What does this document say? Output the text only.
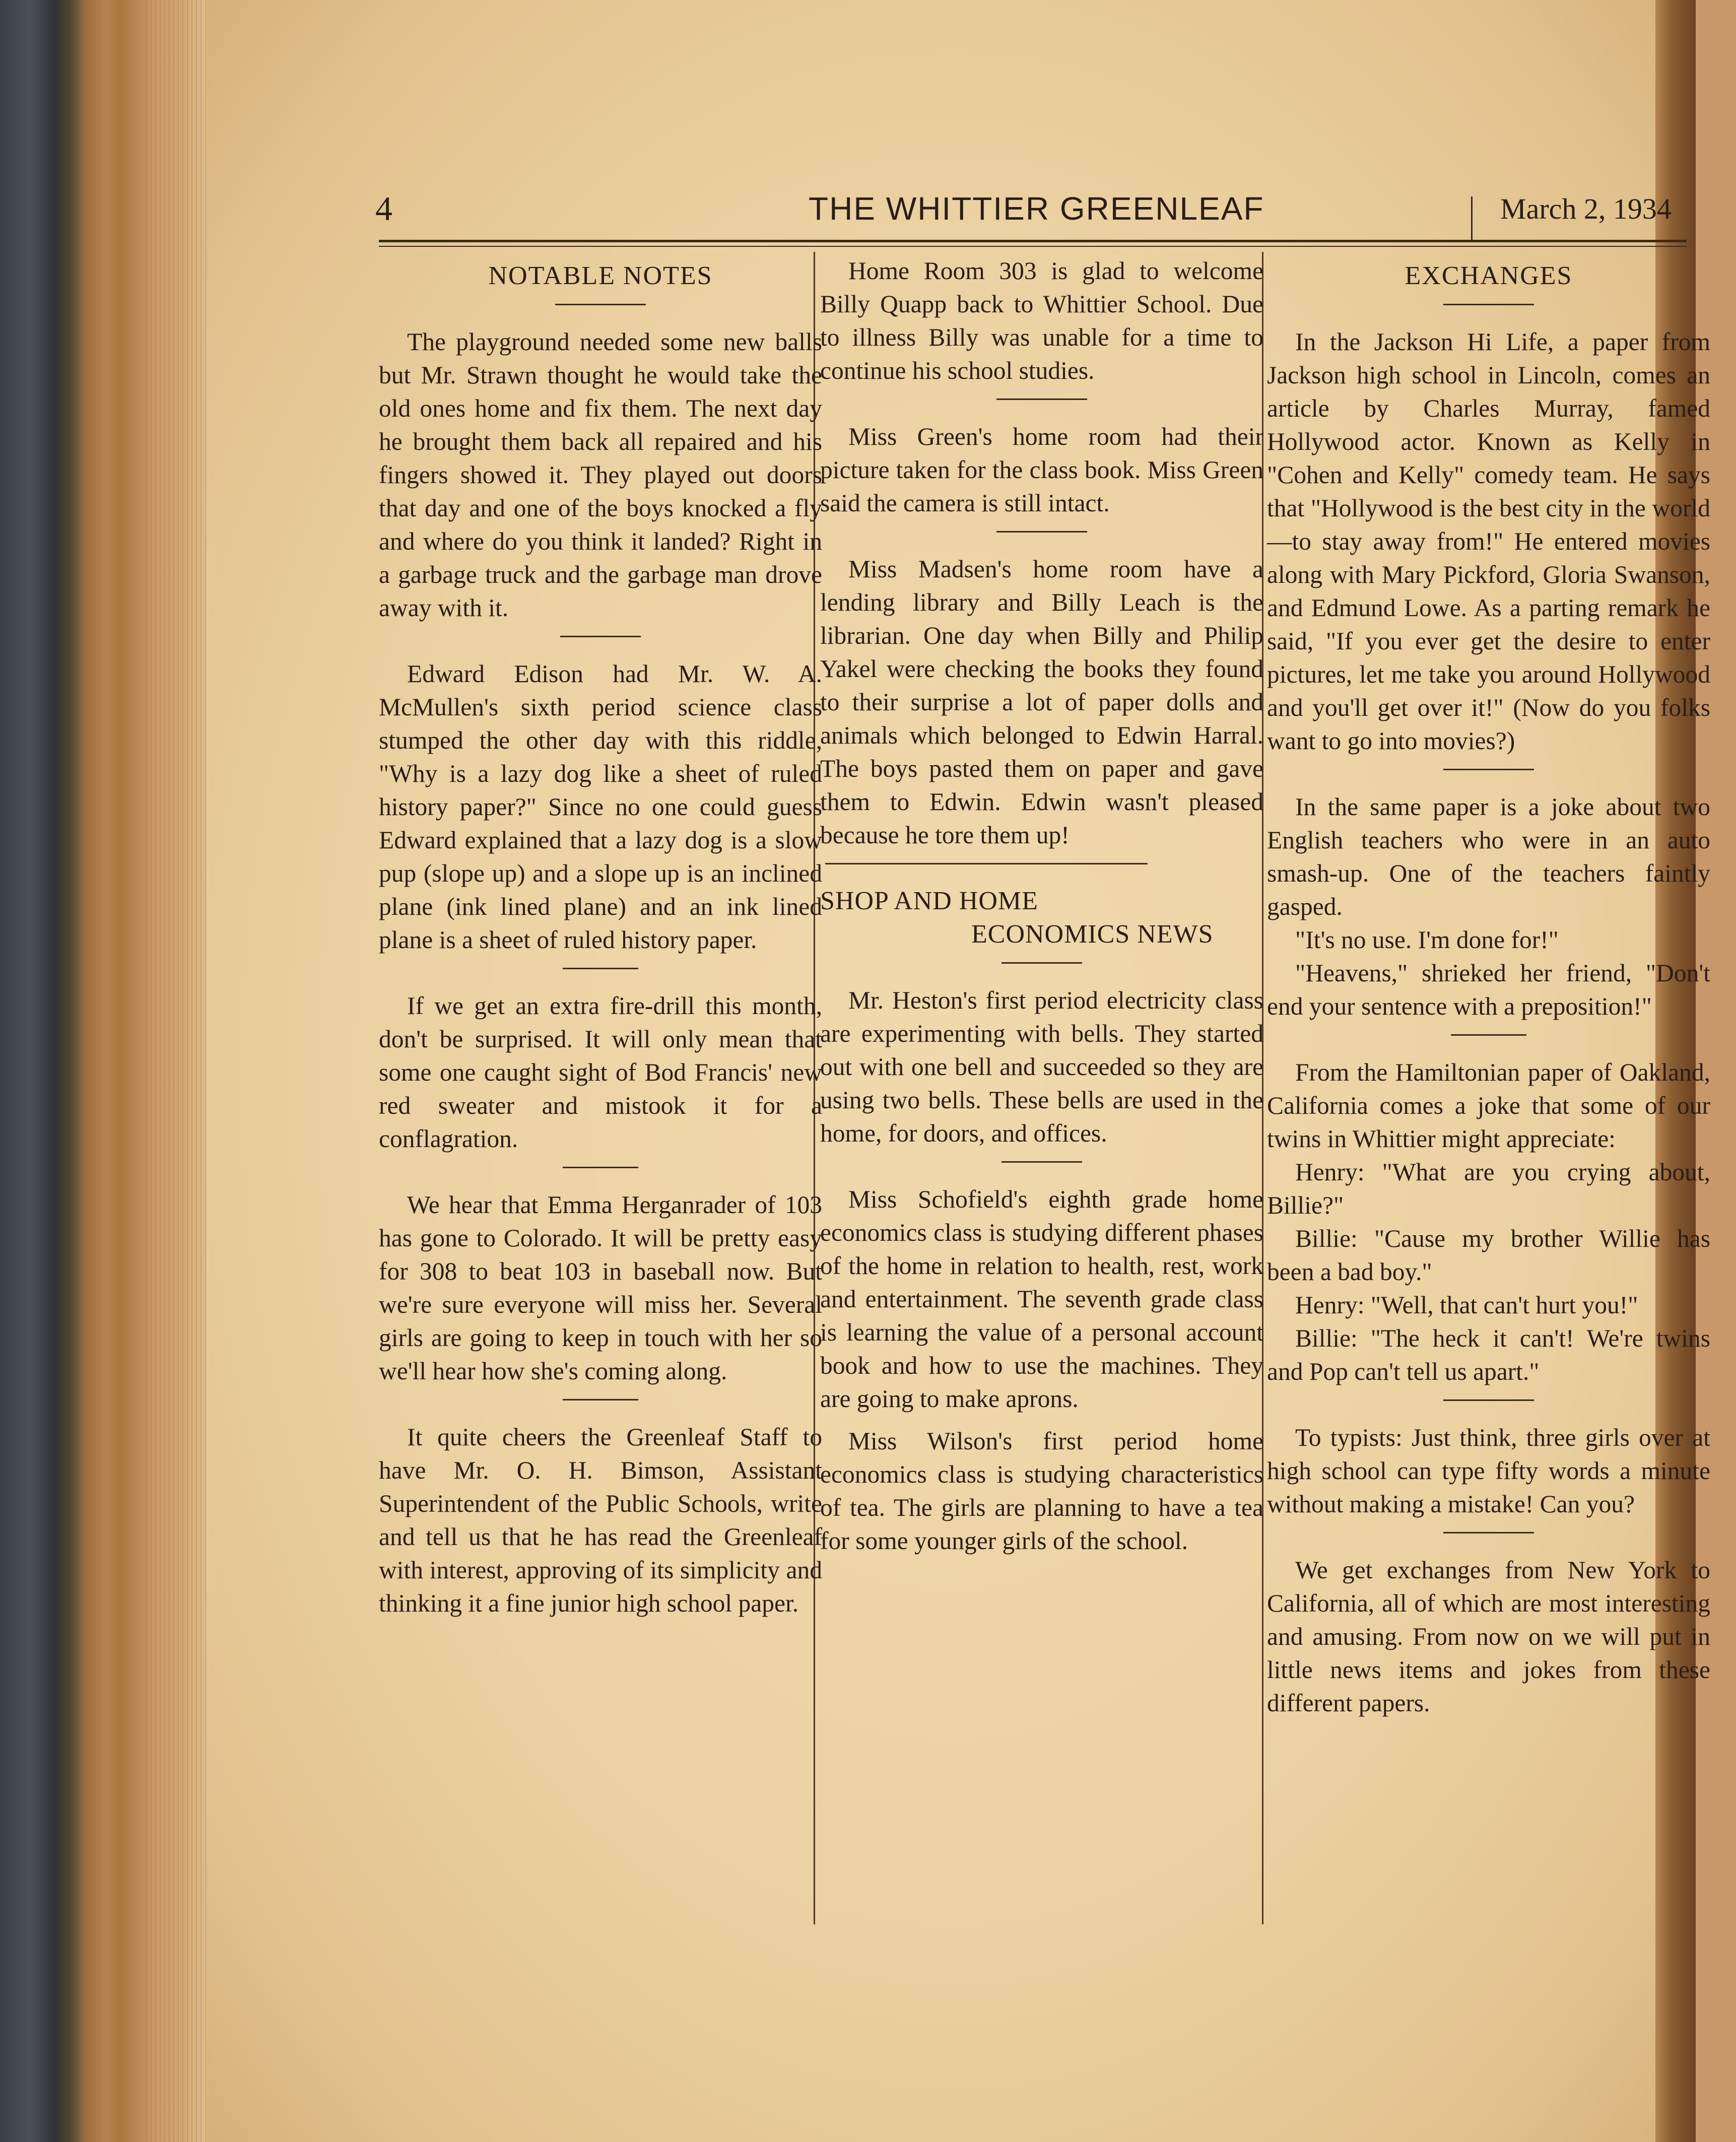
4	THE WHITTIER GREENLEAF	March 2, 1934
NOTABLE NOTES

The playground needed some new balls but Mr. Strawn thought he would take the old ones home and fix them. The next day he brought them back all repaired and his fingers showed it. They played out doors that day and one of the boys knocked a fly and where do you think it landed? Right in a garbage truck and the garbage man drove away with it.

Edward Edison had Mr. W. A. McMullen's sixth period science class stumped the other day with this riddle, "Why is a lazy dog like a sheet of ruled history paper?" Since no one could guess Edward explained that a lazy dog is a slow pup (slope up) and a slope up is an inclined plane (ink lined plane) and an ink lined plane is a sheet of ruled history paper.

If we get an extra fire-drill this month, don't be surprised. It will only mean that some one caught sight of Bod Francis' new red sweater and mistook it for a conflagration.

We hear that Emma Herganrader of 103 has gone to Colorado. It will be pretty easy for 308 to beat 103 in baseball now. But we're sure everyone will miss her. Several girls are going to keep in touch with her so we'll hear how she's coming along.

It quite cheers the Greenleaf Staff to have Mr. O. H. Bimson, Assistant Superintendent of the Public Schools, write and tell us that he has read the Greenleaf with interest, approving of its simplicity and thinking it a fine junior high school paper.

Home Room 303 is glad to welcome Billy Quapp back to Whittier School. Due to illness Billy was unable for a time to continue his school studies.

Miss Green's home room had their picture taken for the class book. Miss Green said the camera is still intact.

Miss Madsen's home room have a lending library and Billy Leach is the librarian. One day when Billy and Philip Yakel were checking the books they found to their surprise a lot of paper dolls and animals which belonged to Edwin Harral. The boys pasted them on paper and gave them to Edwin. Edwin wasn't pleased because he tore them up!

SHOP AND HOME
ECONOMICS NEWS

Mr. Heston's first period electricity class are experimenting with bells. They started out with one bell and succeeded so they are using two bells. These bells are used in the home, for doors, and offices.

Miss Schofield's eighth grade home economics class is studying different phases of the home in relation to health, rest, work and entertainment. The seventh grade class is learning the value of a personal account book and how to use the machines. They are going to make aprons.

Miss Wilson's first period home economics class is studying characteristics of tea. The girls are planning to have a tea for some younger girls of the school.

EXCHANGES

In the Jackson Hi Life, a paper from Jackson high school in Lincoln, comes an article by Charles Murray, famed Hollywood actor. Known as Kelly in "Cohen and Kelly" comedy team. He says that "Hollywood is the best city in the world—to stay away from!" He entered movies along with Mary Pickford, Gloria Swanson, and Edmund Lowe. As a parting remark he said, "If you ever get the desire to enter pictures, let me take you around Hollywood and you'll get over it!" (Now do you folks want to go into movies?)

In the same paper is a joke about two English teachers who were in an auto smash-up. One of the teachers faintly gasped.

"It's no use. I'm done for!"

"Heavens," shrieked her friend, "Don't end your sentence with a preposition!"

From the Hamiltonian paper of Oakland, California comes a joke that some of our twins in Whittier might appreciate:

Henry: "What are you crying about, Billie?"

Billie: "Cause my brother Willie has been a bad boy."

Henry: "Well, that can't hurt you!"

Billie: "The heck it can't! We're twins and Pop can't tell us apart."

To typists: Just think, three girls over at high school can type fifty words a minute without making a mistake! Can you?

We get exchanges from New York to California, all of which are most interesting and amusing. From now on we will put in little news items and jokes from these different papers.
